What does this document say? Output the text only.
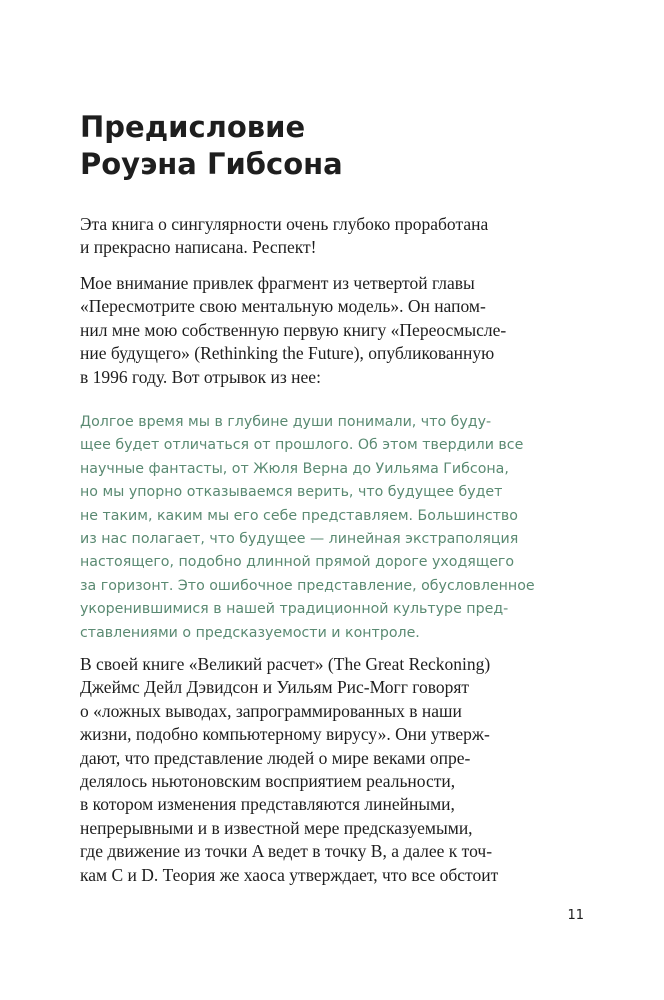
Предисловие
Роуэна Гибсона

Эта книга о сингулярности очень глубоко проработана
и прекрасно написана. Респект!

Мое внимание привлек фрагмент из четвертой главы
«Пересмотрите свою ментальную модель». Он напом-
нил мне мою собственную первую книгу «Переосмысле-
ние будущего» (Rethinking the Future), опубликованную
в 1996 году. Вот отрывок из нее:

Долгое время мы в глубине души понимали, что буду-
щее будет отличаться от прошлого. Об этом твердили все
научные фантасты, от Жюля Верна до Уильяма Гибсона,
но мы упорно отказываемся верить, что будущее будет
не таким, каким мы его себе представляем. Большинство
из нас полагает, что будущее — линейная экстраполяция
настоящего, подобно длинной прямой дороге уходящего
за горизонт. Это ошибочное представление, обусловленное
укоренившимися в нашей традиционной культуре пред-
ставлениями о предсказуемости и контроле.

В своей книге «Великий расчет» (The Great Reckoning)
Джеймс Дейл Дэвидсон и Уильям Рис-Могг говорят
о «ложных выводах, запрограммированных в наши
жизни, подобно компьютерному вирусу». Они утверж-
дают, что представление людей о мире веками опре-
делялось ньютоновским восприятием реальности,
в котором изменения представляются линейными,
непрерывными и в известной мере предсказуемыми,
где движение из точки A ведет в точку B, а далее к точ-
кам C и D. Теория же хаоса утверждает, что все обстоит

11
